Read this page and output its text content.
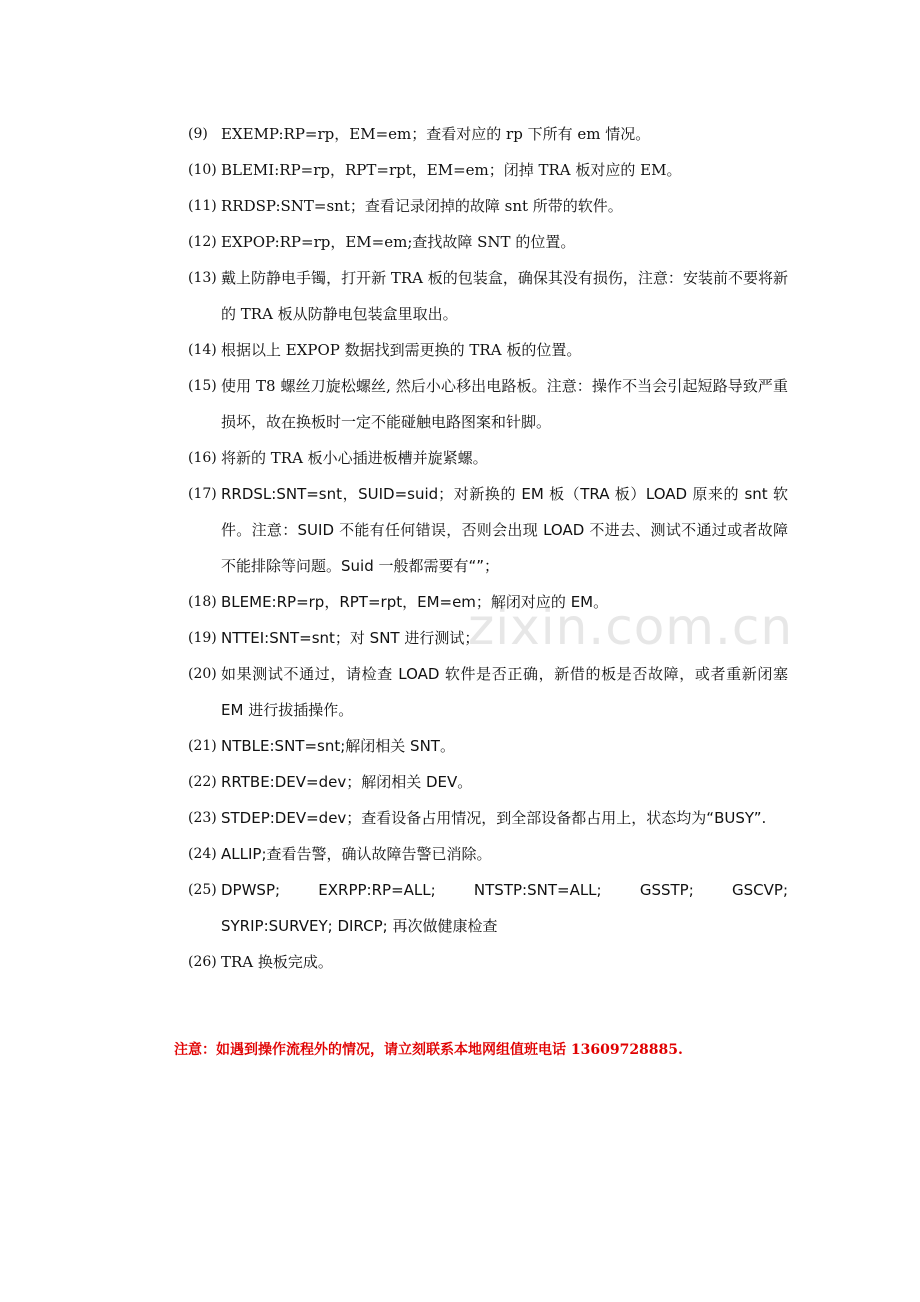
zixin.com.cn
(9) EXEMP:RP=rp，EM=em；查看对应的 rp 下所有 em 情况。
(10) BLEMI:RP=rp，RPT=rpt，EM=em；闭掉 TRA 板对应的 EM。
(11) RRDSP:SNT=snt；查看记录闭掉的故障 snt 所带的软件。
(12) EXPOP:RP=rp，EM=em;查找故障 SNT 的位置。
(13) 戴上防静电手镯，打开新 TRA 板的包装盒，确保其没有损伤，注意：安装前不要将新的 TRA 板从防静电包装盒里取出。
(14) 根据以上 EXPOP 数据找到需更换的 TRA 板的位置。
(15) 使用 T8 螺丝刀旋松螺丝, 然后小心移出电路板。注意：操作不当会引起短路导致严重损坏，故在换板时一定不能碰触电路图案和针脚。
(16) 将新的 TRA 板小心插进板槽并旋紧螺。
(17) RRDSL:SNT=snt，SUID=suid；对新换的 EM 板（TRA 板）LOAD 原来的 snt 软件。注意：SUID 不能有任何错误，否则会出现 LOAD 不进去、测试不通过或者故障不能排除等问题。Suid 一般都需要有“”；
(18) BLEME:RP=rp，RPT=rpt，EM=em；解闭对应的 EM。
(19) NTTEI:SNT=snt；对 SNT 进行测试；
(20) 如果测试不通过，请检查 LOAD 软件是否正确，新借的板是否故障，或者重新闭塞 EM 进行拔插操作。
(21) NTBLE:SNT=snt;解闭相关 SNT。
(22) RRTBE:DEV=dev；解闭相关 DEV。
(23) STDEP:DEV=dev；查看设备占用情况，到全部设备都占用上，状态均为“BUSY”.
(24) ALLIP;查看告警，确认故障告警已消除。
(25) DPWSP;　EXRPP:RP=ALL;　NTSTP:SNT=ALL;　GSSTP;　GSCVP;　SYRIP:SURVEY; DIRCP; 再次做健康检查
(26) TRA 换板完成。
注意：如遇到操作流程外的情况，请立刻联系本地网组值班电话 13609728885.
